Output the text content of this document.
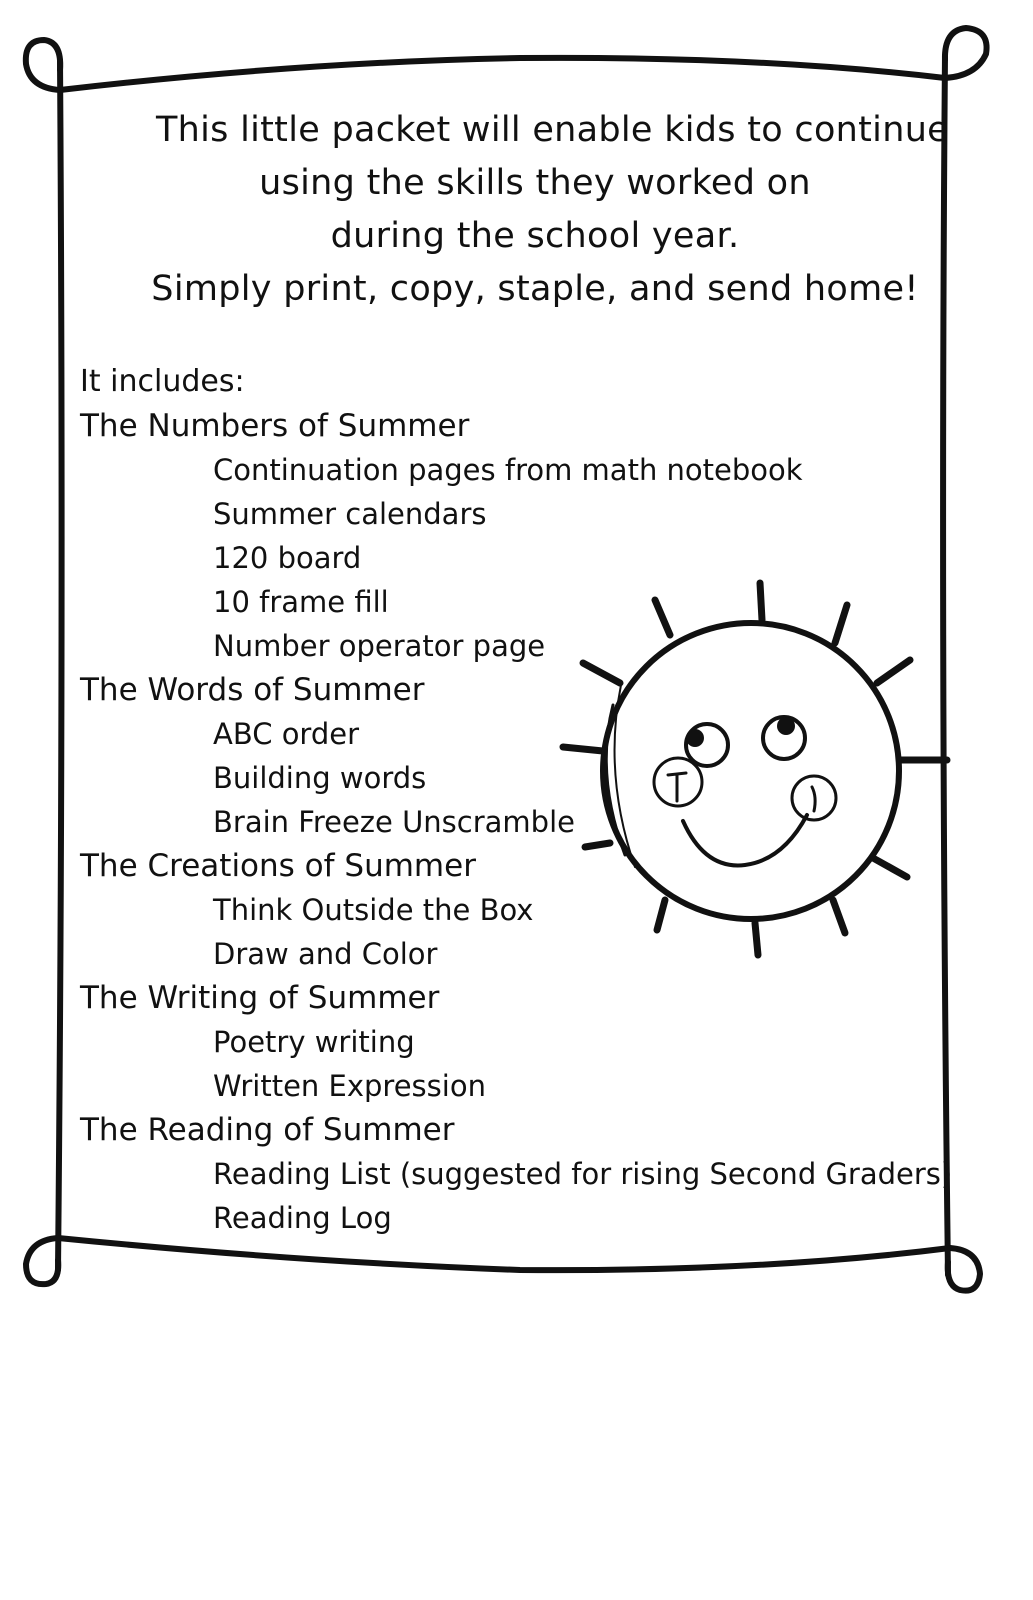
This little packet will enable kids to continue
using the skills they worked on
during the school year.
Simply print, copy, staple, and send home!
It includes:
The Numbers of Summer
Continuation pages from math notebook
Summer calendars
120 board
10 frame fill
Number operator page
The Words of Summer
ABC order
Building words
Brain Freeze Unscramble
The Creations of Summer
Think Outside the Box
Draw and Color
The Writing of Summer
Poetry writing
Written Expression
The Reading of Summer
Reading List (suggested for rising Second Graders)
Reading Log
